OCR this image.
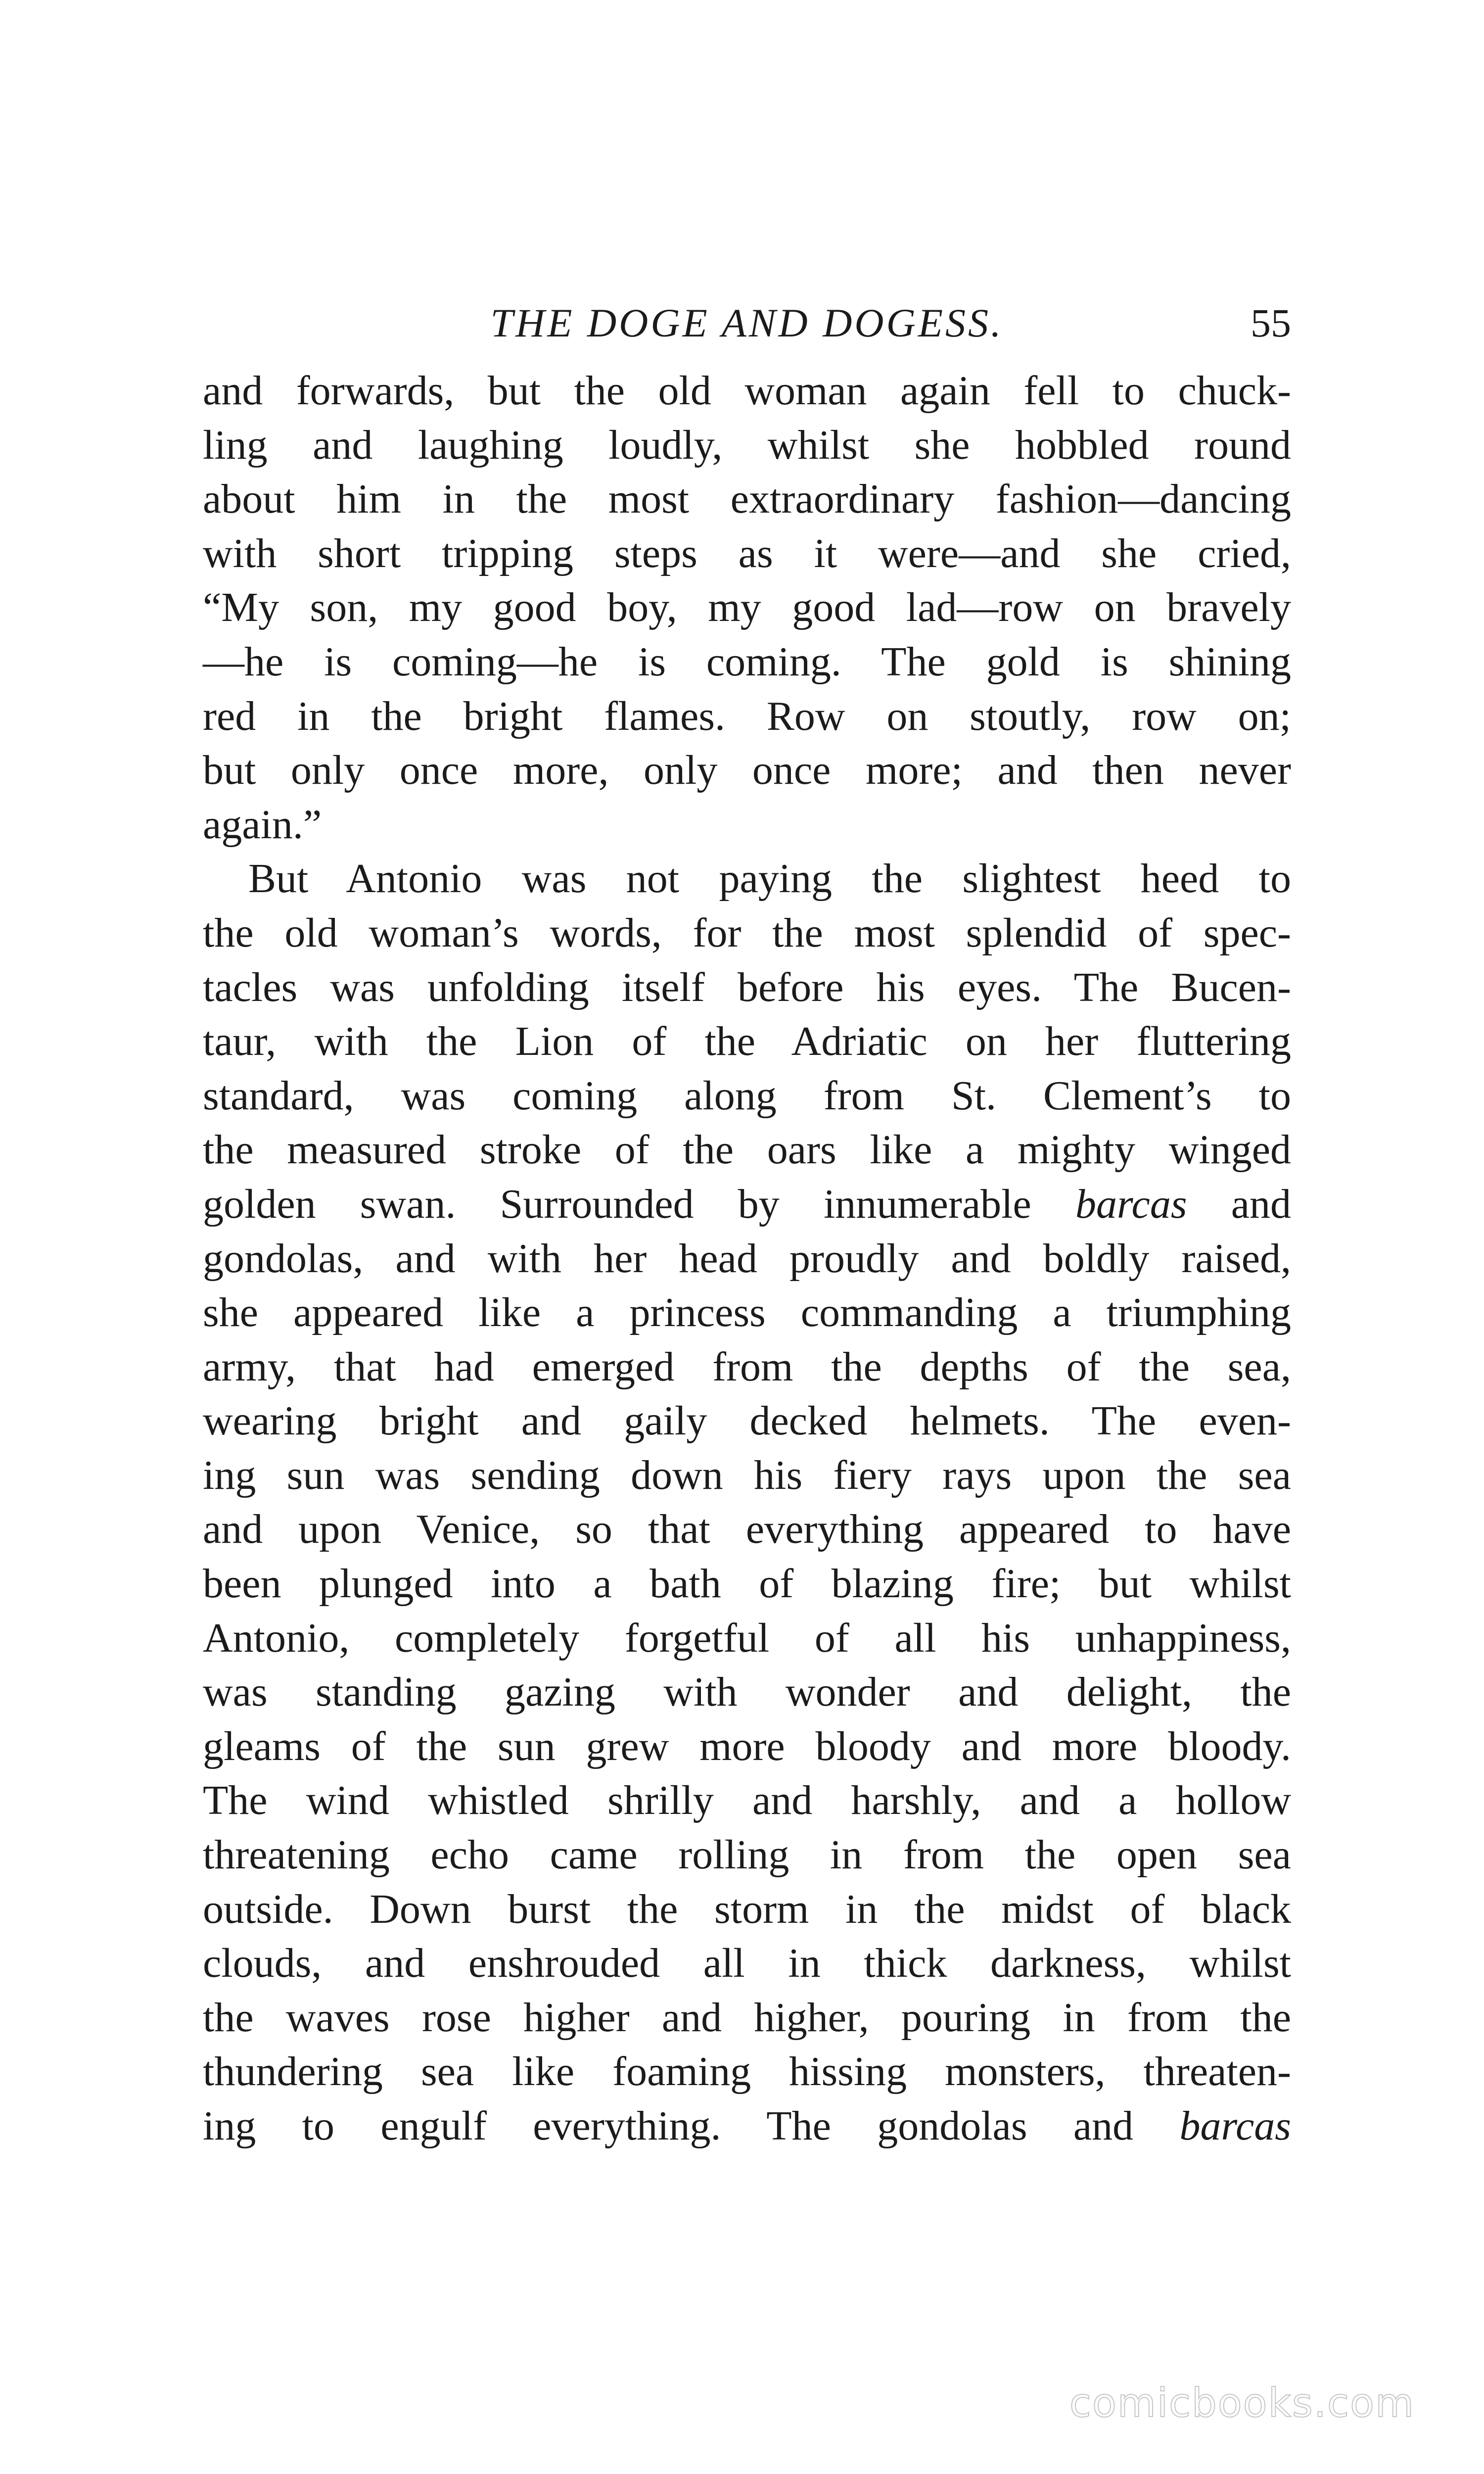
THE DOGE AND DOGESS.	55
and forwards, but the old woman again fell to chuck-
ling and laughing loudly, whilst she hobbled round
about him in the most extraordinary fashion—dancing
with short tripping steps as it were—and she cried,
“My son, my good boy, my good lad—row on bravely
—he is coming—he is coming. The gold is shining
red in the bright flames. Row on stoutly, row on;
but only once more, only once more; and then never
again.”
But Antonio was not paying the slightest heed to
the old woman’s words, for the most splendid of spec-
tacles was unfolding itself before his eyes. The Bucen-
taur, with the Lion of the Adriatic on her fluttering
standard, was coming along from St. Clement’s to
the measured stroke of the oars like a mighty winged
golden swan. Surrounded by innumerable barcas and
gondolas, and with her head proudly and boldly raised,
she appeared like a princess commanding a triumphing
army, that had emerged from the depths of the sea,
wearing bright and gaily decked helmets. The even-
ing sun was sending down his fiery rays upon the sea
and upon Venice, so that everything appeared to have
been plunged into a bath of blazing fire; but whilst
Antonio, completely forgetful of all his unhappiness,
was standing gazing with wonder and delight, the
gleams of the sun grew more bloody and more bloody.
The wind whistled shrilly and harshly, and a hollow
threatening echo came rolling in from the open sea
outside. Down burst the storm in the midst of black
clouds, and enshrouded all in thick darkness, whilst
the waves rose higher and higher, pouring in from the
thundering sea like foaming hissing monsters, threaten-
ing to engulf everything. The gondolas and barcas
comicbooks.com
